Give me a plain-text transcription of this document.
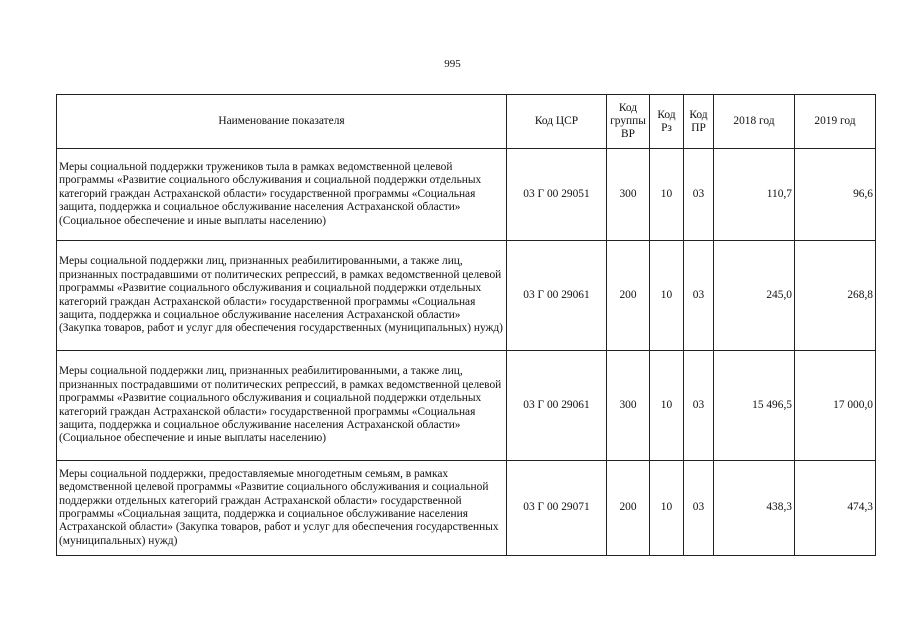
995
Наименование показателя	Код ЦСР	Код группы ВР	Код Рз	Код ПР	2018 год	2019 год
Меры социальной поддержки тружеников тыла в рамках ведомственной целевой программы «Развитие социального обслуживания и социальной поддержки отдельных категорий граждан Астраханской области» государственной программы «Социальная защита, поддержка и социальное обслуживание населения Астраханской области» (Социальное обеспечение и иные выплаты населению)	03 Г 00 29051	300	10	03	110,7	96,6
Меры социальной поддержки лиц, признанных реабилитированными, а также лиц, признанных пострадавшими от политических репрессий, в рамках ведомственной целевой программы «Развитие социального обслуживания и социальной поддержки отдельных категорий граждан Астраханской области» государственной программы «Социальная защита, поддержка и социальное обслуживание населения Астраханской области» (Закупка товаров, работ и услуг для обеспечения государственных (муниципальных) нужд)	03 Г 00 29061	200	10	03	245,0	268,8
Меры социальной поддержки лиц, признанных реабилитированными, а также лиц, признанных пострадавшими от политических репрессий, в рамках ведомственной целевой программы «Развитие социального обслуживания и социальной поддержки отдельных категорий граждан Астраханской области» государственной программы «Социальная защита, поддержка и социальное обслуживание населения Астраханской области» (Социальное обеспечение и иные выплаты населению)	03 Г 00 29061	300	10	03	15 496,5	17 000,0
Меры социальной поддержки, предоставляемые многодетным семьям, в рамках ведомственной целевой программы «Развитие социального обслуживания и социальной поддержки отдельных категорий граждан Астраханской области» государственной программы «Социальная защита, поддержка и социальное обслуживание населения Астраханской области» (Закупка товаров, работ и услуг для обеспечения государственных (муниципальных) нужд)	03 Г 00 29071	200	10	03	438,3	474,3
